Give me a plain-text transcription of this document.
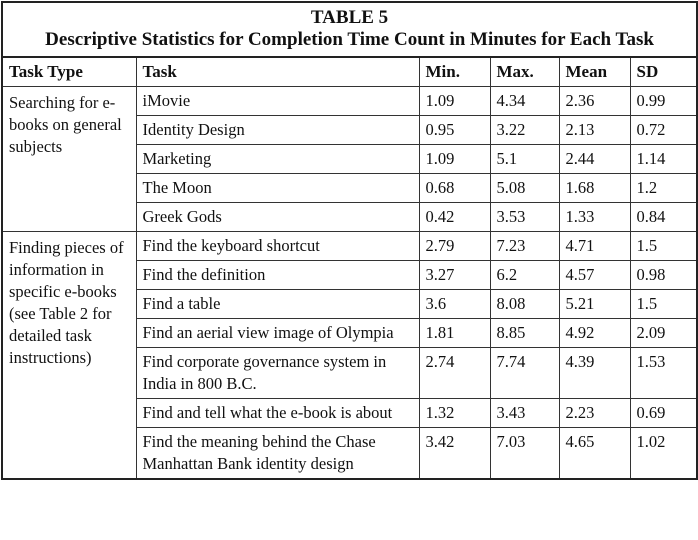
TABLE 5
Descriptive Statistics for Completion Time Count in Minutes for Each Task					

Task Type	Task	Min.	Max.	Mean	SD
Searching for e-books on general subjects	iMovie	1.09	4.34	2.36	0.99
	Identity Design	0.95	3.22	2.13	0.72
	Marketing	1.09	5.1	2.44	1.14
	The Moon	0.68	5.08	1.68	1.2
	Greek Gods	0.42	3.53	1.33	0.84
Finding pieces of information in specific e-books (see Table 2 for detailed task instructions)	Find the keyboard shortcut	2.79	7.23	4.71	1.5
	Find the definition	3.27	6.2	4.57	0.98
	Find a table	3.6	8.08	5.21	1.5
	Find an aerial view image of Olympia	1.81	8.85	4.92	2.09
	Find corporate governance system in India in 800 B.C.	2.74	7.74	4.39	1.53
	Find and tell what the e-book is about	1.32	3.43	2.23	0.69
	Find the meaning behind the Chase Manhattan Bank identity design	3.42	7.03	4.65	1.02
